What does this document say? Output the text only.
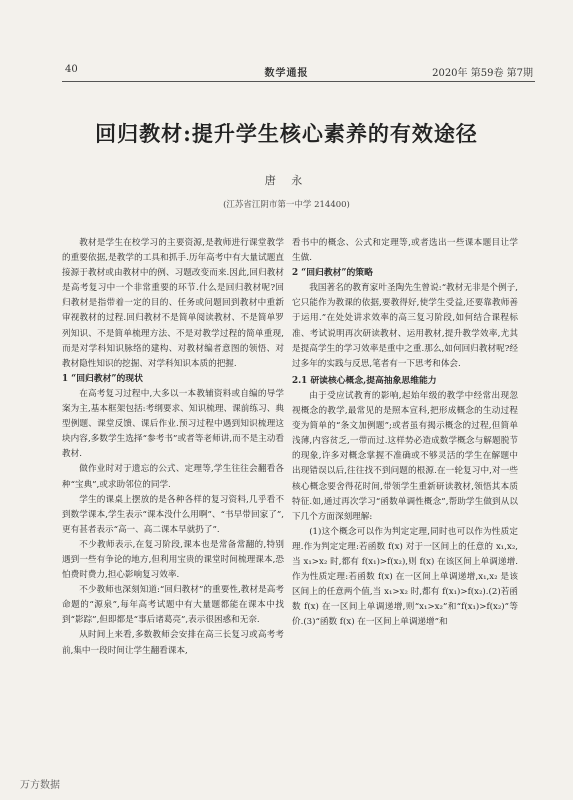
40	数学通报	2020年 第59卷 第7期
回归教材:提升学生核心素养的有效途径
唐 永
(江苏省江阴市第一中学 214400)

教材是学生在校学习的主要资源,是教师进行课堂教学的重要依据,是教学的工具和抓手.历年高考中有大量试题直接源于教材或由教材中的例、习题改变而来.因此,回归教材是高考复习中一个非常重要的环节.什么是回归教材呢?回归教材是指带着一定的目的、任务或问题回到教材中重新审视教材的过程.回归教材不是简单阅读教材、不是简单罗列知识、不是简单梳理方法、不是对教学过程的简单重现,而是对学科知识脉络的建构、对教材编者意图的领悟、对教材隐性知识的挖掘、对学科知识本质的把握.

1 “回归教材”的现状

在高考复习过程中,大多以一本教辅资料或自编的导学案为主,基本框架包括:考纲要求、知识梳理、课前练习、典型例题、课堂反馈、课后作业.预习过程中遇到知识梳理这块内容,多数学生选择“参考书”或者等老师讲,而不是主动看教材.

做作业时对于遗忘的公式、定理等,学生往往会翻看各种“宝典”,或求助邻位的同学.

学生的课桌上摆放的是各种各样的复习资料,几乎看不到数学课本,学生表示“课本没什么用啊”、“书早带回家了”,更有甚者表示“高一、高二课本早就扔了”.

不少教师表示,在复习阶段,课本也是常备常翻的,特别遇到一些有争论的地方,但利用宝贵的课堂时间梳理课本,恐怕费时费力,担心影响复习效率.

不少教师也深刻知道:“回归教材”的重要性,教材是高考命题的“源泉”,每年高考试题中有大量题都能在课本中找到“影踪”,但即都是“事后诸葛亮”,表示很困惑和无奈.

从时间上来看,多数教师会安排在高三长复习或高考考前,集中一段时间让学生翻看课本,

看书中的概念、公式和定理等,或者选出一些课本题目让学生做.

2 “回归教材”的策略

我国著名的教育家叶圣陶先生曾说:“教材无非是个例子,它只能作为教课的依据,要教得好,使学生受益,还要靠教师善于运用.”在处处讲求效率的高三复习阶段,如何结合课程标准、考试说明再次研读教材、运用教材,提升教学效率,尤其是提高学生的学习效率是重中之重.那么,如何回归教材呢?经过多年的实践与反思,笔者有一下思考和体会.

2.1 研读核心概念,提高抽象思维能力

由于受应试教育的影响,起始年级的教学中经常出现忽视概念的教学,最常见的是照本宣科,把形成概念的生动过程变为简单的“条文加例题”;或者虽有揭示概念的过程,但简单浅薄,内容贫乏,一带而过.这样势必造成数学概念与解题脱节的现象,许多对概念掌握不准确或不够灵活的学生在解题中出现错误以后,往往找不到问题的根源.在一轮复习中,对一些核心概念要舍得花时间,带领学生重新研读教材,领悟其本质特征.如,通过再次学习“函数单调性概念”,帮助学生做到从以下几个方面深刻理解:

(1)这个概念可以作为判定定理,同时也可以作为性质定理.作为判定定理:若函数 f(x) 对于一区间上的任意的 x₁,x₂,当 x₁>x₂ 时,都有 f(x₁)>f(x₂),则 f(x) 在该区间上单调递增.作为性质定理:若函数 f(x) 在一区间上单调递增,x₁,x₂ 是该区间上的任意两个值,当 x₁>x₂ 时,都有 f(x₁)>f(x₂).(2)若函数 f(x) 在一区间上单调递增,则“x₁>x₂”和“f(x₁)>f(x₂)”等价.(3)“函数 f(x) 在一区间上单调递增”和

万方数据
